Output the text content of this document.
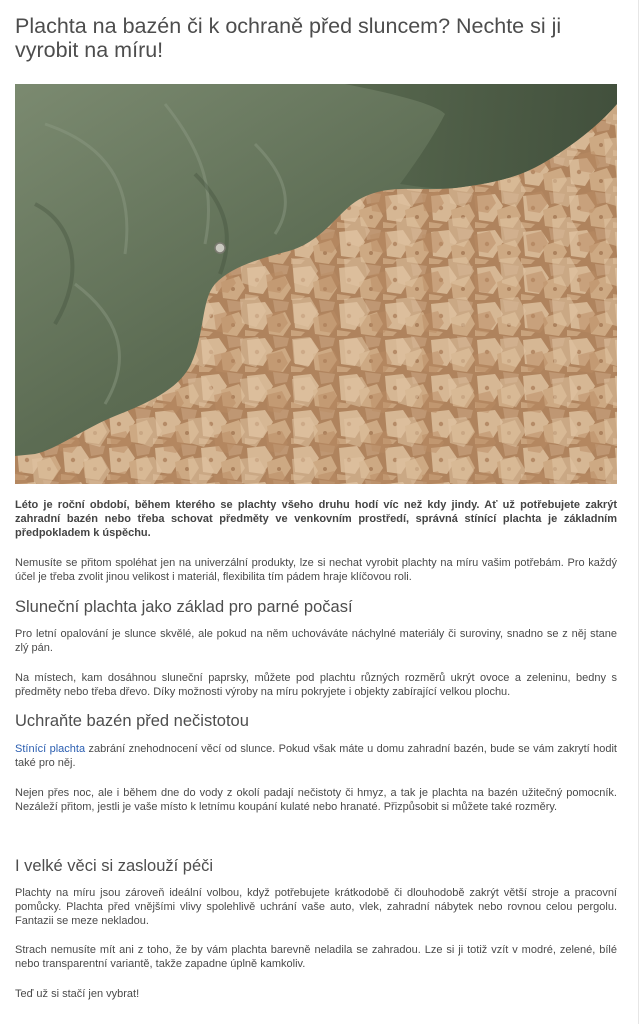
Plachta na bazén či k ochraně před sluncem? Nechte si ji vyrobit na míru!

Léto je roční období, během kterého se plachty všeho druhu hodí víc než kdy jindy. Ať už potřebujete zakrýt zahradní bazén nebo třeba schovat předměty ve venkovním prostředí, správná stínící plachta je základním předpokladem k úspěchu.

Nemusíte se přitom spoléhat jen na univerzální produkty, lze si nechat vyrobit plachty na míru vašim potřebám. Pro každý účel je třeba zvolit jinou velikost i materiál, flexibilita tím pádem hraje klíčovou roli.

Sluneční plachta jako základ pro parné počasí

Pro letní opalování je slunce skvělé, ale pokud na něm uchováváte náchylné materiály či suroviny, snadno se z něj stane zlý pán.

Na místech, kam dosáhnou sluneční paprsky, můžete pod plachtu různých rozměrů ukrýt ovoce a zeleninu, bedny s předměty nebo třeba dřevo. Díky možnosti výroby na míru pokryjete i objekty zabírající velkou plochu.

Uchraňte bazén před nečistotou

Stínící plachta zabrání znehodnocení věcí od slunce. Pokud však máte u domu zahradní bazén, bude se vám zakrytí hodit také pro něj.

Nejen přes noc, ale i během dne do vody z okolí padají nečistoty či hmyz, a tak je plachta na bazén užitečný pomocník. Nezáleží přitom, jestli je vaše místo k letnímu koupání kulaté nebo hranaté. Přizpůsobit si můžete také rozměry.

I velké věci si zaslouží péči

Plachty na míru jsou zároveň ideální volbou, když potřebujete krátkodobě či dlouhodobě zakrýt větší stroje a pracovní pomůcky. Plachta před vnějšími vlivy spolehlivě uchrání vaše auto, vlek, zahradní nábytek nebo rovnou celou pergolu. Fantazii se meze nekladou.

Strach nemusíte mít ani z toho, že by vám plachta barevně neladila se zahradou. Lze si ji totiž vzít v modré, zelené, bílé nebo transparentní variantě, takže zapadne úplně kamkoliv.

Teď už si stačí jen vybrat!
